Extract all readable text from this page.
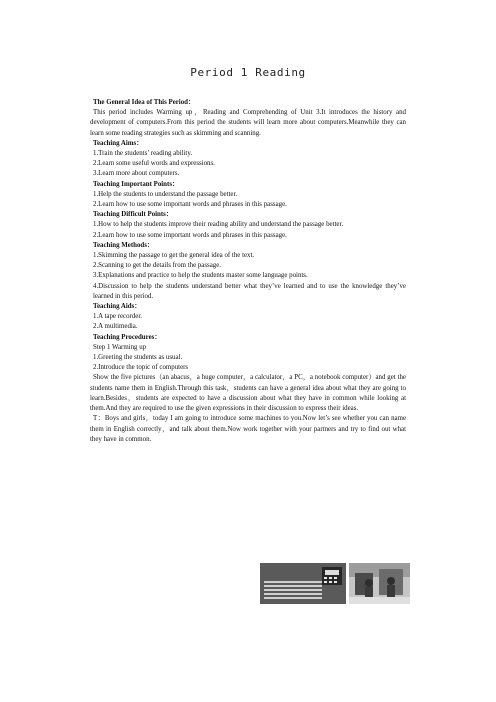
Period 1 Reading

The General Idea of This Period：

This period includes Warming up，Reading and Comprehending of Unit 3.It introduces the history and development of computers.From this period the students will learn more about computers.Meanwhile they can learn some reading strategies such as skimming and scanning.

Teaching Aims：

1.Train the students’ reading ability.

2.Learn some useful words and expressions.

3.Learn more about computers.

Teaching Important Points：

1.Help the students to understand the passage better.

2.Learn how to use some important words and phrases in this passage.

Teaching Difficult Points：

1.How to help the students improve their reading ability and understand the passage better.

2.Learn how to use some important words and phrases in this passage.

Teaching Methods：

1.Skimming the passage to get the general idea of the text.

2.Scanning to get the details from the passage.

3.Explanations and practice to help the students master some language points.

4.Discussion to help the students understand better what they’ve learned and to use the knowledge they’ve learned in this period.

Teaching Aids：

1.A tape recorder.

2.A multimedia.

Teaching Procedures：

Step 1 Warming up

1.Greeting the students as usual.

2.Introduce the topic of computers

Show the five pictures（an abacus，a huge computer，a calculator，a PC，a notebook computer）and get the students name them in English.Through this task，students can have a general idea about what they are going to learn.Besides，students are expected to have a discussion about what they have in common while looking at them.And they are required to use the given expressions in their discussion to express their ideas.

T：Boys and girls，today I am going to introduce some machines to you.Now let’s see whether you can name them in English correctly，and talk about them.Now work together with your partners and try to find out what they have in common.
